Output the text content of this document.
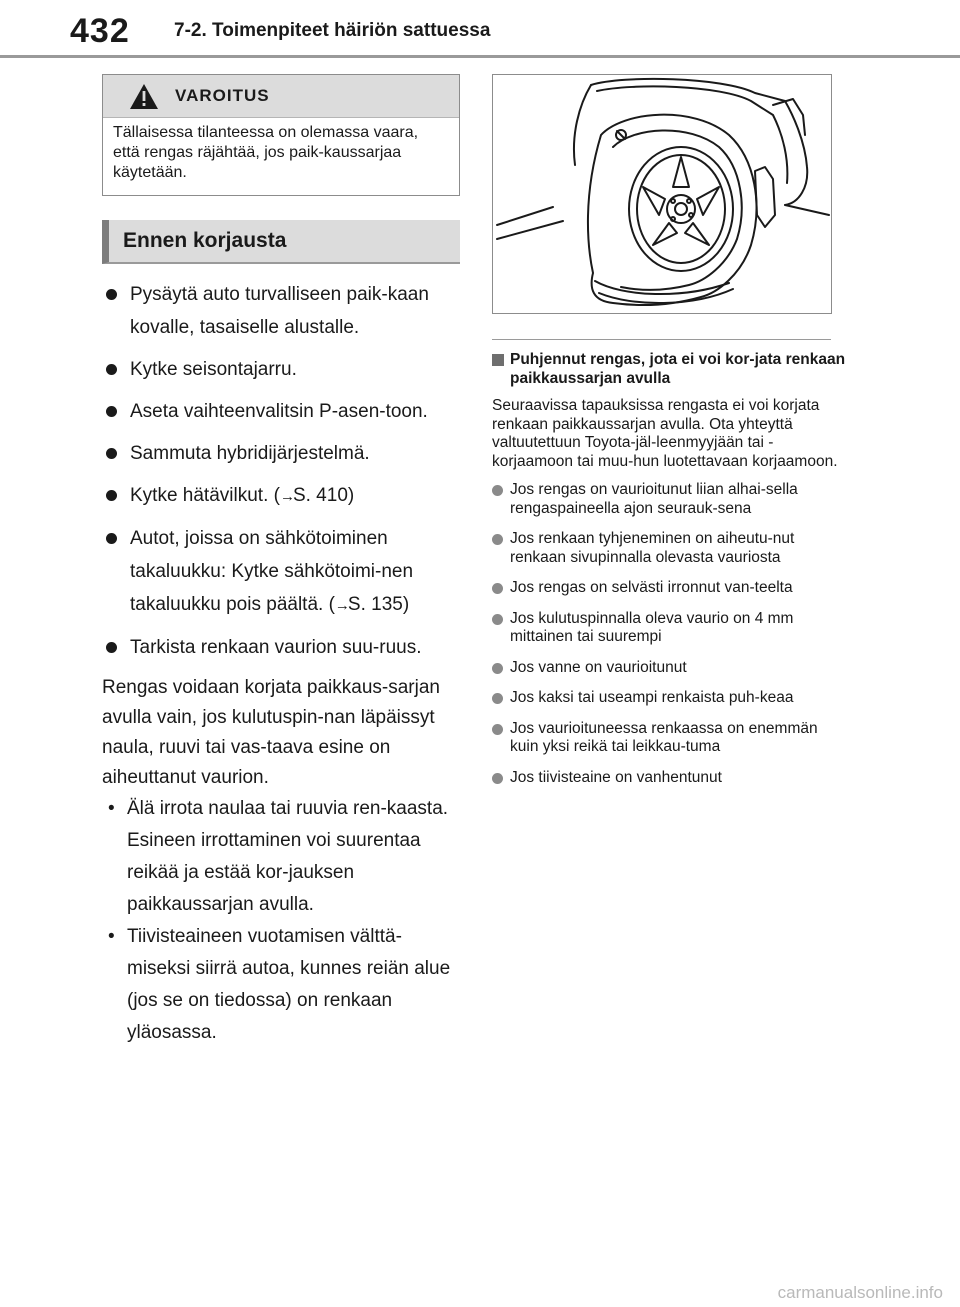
432 7-2. Toimenpiteet häiriön sattuessa
VAROITUS
Tällaisessa tilanteessa on olemassa vaara, että rengas räjähtää, jos paik-kaussarjaa käytetään.
Ennen korjausta
Pysäytä auto turvalliseen paik-kaan kovalle, tasaiselle alustalle.
Kytke seisontajarru.
Aseta vaihteenvalitsin P-asen-toon.
Sammuta hybridijärjestelmä.
Kytke hätävilkut. (→S. 410)
Autot, joissa on sähkötoiminen takaluukku: Kytke sähkötoimi-nen takaluukku pois päältä. (→S. 135)
Tarkista renkaan vaurion suu-ruus.
Rengas voidaan korjata paikkaus-sarjan avulla vain, jos kulutuspin-nan läpäissyt naula, ruuvi tai vas-taava esine on aiheuttanut vaurion.
• Älä irrota naulaa tai ruuvia ren-kaasta. Esineen irrottaminen voi suurentaa reikää ja estää kor-jauksen paikkaussarjan avulla.
• Tiivisteaineen vuotamisen välttä-miseksi siirrä autoa, kunnes reiän alue (jos se on tiedossa) on renkaan yläosassa.
Puhjennut rengas, jota ei voi kor-jata renkaan paikkaussarjan avulla
Seuraavissa tapauksissa rengasta ei voi korjata renkaan paikkaussarjan avulla. Ota yhteyttä valtuutettuun Toyota-jäl-leenmyyjään tai -korjaamoon tai muu-hun luotettavaan korjaamoon.
Jos rengas on vaurioitunut liian alhai-sella rengaspaineella ajon seurauk-sena
Jos renkaan tyhjeneminen on aiheutu-nut renkaan sivupinnalla olevasta vauriosta
Jos rengas on selvästi irronnut van-teelta
Jos kulutuspinnalla oleva vaurio on 4 mm mittainen tai suurempi
Jos vanne on vaurioitunut
Jos kaksi tai useampi renkaista puh-keaa
Jos vaurioituneessa renkaassa on enemmän kuin yksi reikä tai leikkau-tuma
Jos tiivisteaine on vanhentunut
carmanualsonline.info
